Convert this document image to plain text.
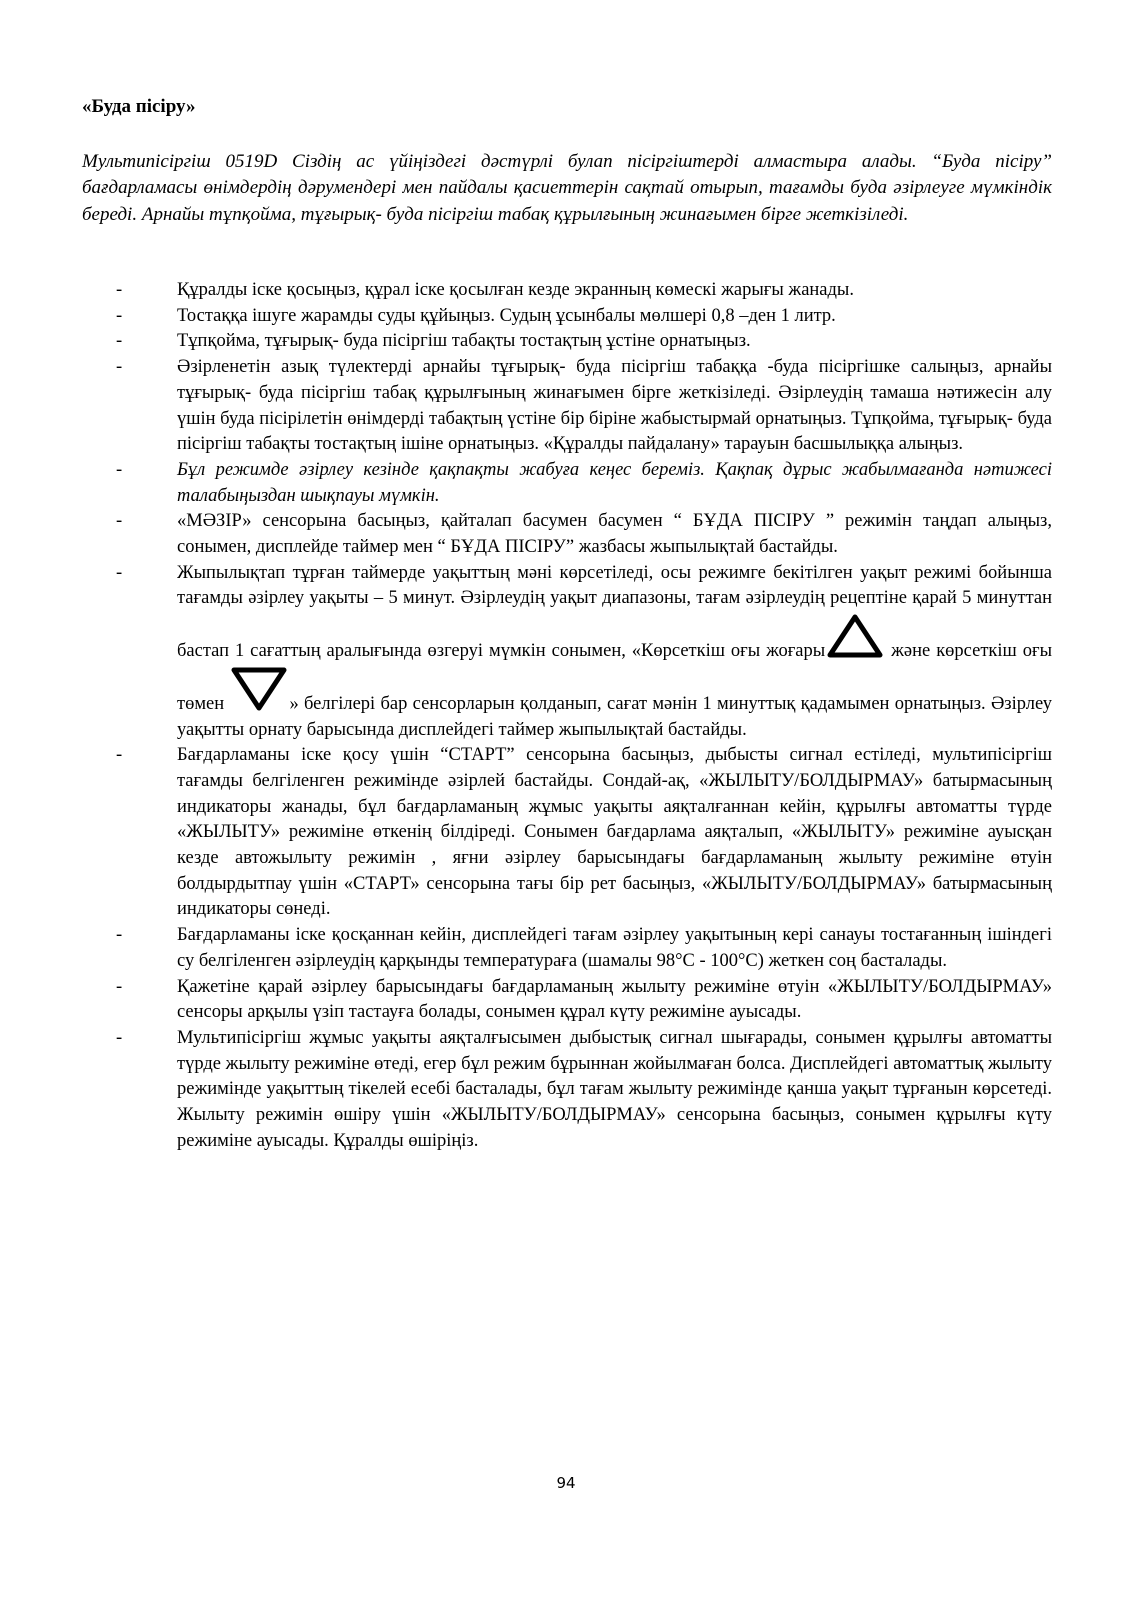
«Буда пісіру»

Мультипісіргіш 0519D Сіздің ас үйіңіздегі дәстүрлі булап пісіргіштерді алмастыра алады. “Буда пісіру” бағдарламасы өнімдердің дәрумендері мен пайдалы қасиеттерін сақтай отырып, тағамды буда әзірлеуге мүмкіндік береді. Арнайы тұпқойма, тұғырық- буда пісіргіш табақ құрылғының жинағымен бірге жеткізіледі.

-	Құралды іске қосыңыз, құрал іске қосылған кезде экранның көмескі жарығы жанады.
-	Тостаққа ішуге жарамды суды құйыңыз. Судың ұсынбалы мөлшері 0,8 –ден 1 литр.
-	Тұпқойма, тұғырық- буда пісіргіш табақты тостақтың ұстіне орнатыңыз.
-	Әзірленетін азық түлектерді арнайы тұғырық- буда пісіргіш табаққа -буда пісіргішке салыңыз, арнайы тұғырық- буда пісіргіш табақ құрылғының жинағымен бірге жеткізіледі. Әзірлеудің тамаша нәтижесін алу үшін буда пісірілетін өнімдерді табақтың үстіне бір біріне жабыстырмай орнатыңыз. Тұпқойма, тұғырық- буда пісіргіш табақты тостақтың ішіне орнатыңыз. «Құралды пайдалану» тарауын басшылыққа алыңыз.
-	Бұл режимде әзірлеу кезінде қақпақты жабуға кеңес береміз. Қақпақ дұрыс жабылмағанда нәтижесі талабыңыздан шықпауы мүмкін.
-	«МӘЗІР» сенсорына басыңыз, қайталап басумен басумен “ БҰДА ПІСІРУ ” режимін таңдап алыңыз, сонымен, дисплейде таймер мен “ БҰДА ПІСІРУ” жазбасы жыпылықтай бастайды.
-	Жыпылықтап тұрған таймерде уақыттың мәні көрсетіледі, осы режимге бекітілген уақыт режимі бойынша тағамды әзірлеу уақыты – 5 минут. Әзірлеудің уақыт диапазоны, тағам әзірлеудің рецептіне қарай 5 минуттан бастап 1 сағаттың аралығында өзгеруі мүмкін сонымен, «Көрсеткіш оғы жоғары	және көрсеткіш оғы төмен	» белгілері бар сенсорларын қолданып, сағат мәнін 1 минуттық қадамымен орнатыңыз. Әзірлеу уақытты орнату барысында дисплейдегі таймер жыпылықтай бастайды.
-	Бағдарламаны іске қосу үшін “СТАРТ” сенсорына басыңыз, дыбысты сигнал естіледі, мультипісіргіш тағамды белгіленген режимінде әзірлей бастайды. Сондай-ақ, «ЖЫЛЫТУ/БОЛДЫРМАУ» батырмасының индикаторы жанады, бұл бағдарламаның жұмыс уақыты аяқталғаннан кейін, құрылғы автоматты түрде «ЖЫЛЫТУ» режиміне өткенің білдіреді. Сонымен бағдарлама аяқталып, «ЖЫЛЫТУ» режиміне ауысқан кезде автожылыту режимін , яғни әзірлеу барысындағы бағдарламаның жылыту режиміне өтуін болдырдытпау үшін «СТАРТ» сенсорына тағы бір рет басыңыз, «ЖЫЛЫТУ/БОЛДЫРМАУ» батырмасының индикаторы сөнеді.
-	Бағдарламаны іске қосқаннан кейін, дисплейдегі тағам әзірлеу уақытының кері санауы тостағанның ішіндегі су белгіленген әзірлеудің қарқынды температураға (шамалы 98°С - 100°С) жеткен соң басталады.
-	Қажетіне қарай әзірлеу барысындағы бағдарламаның жылыту режиміне өтуін «ЖЫЛЫТУ/БОЛДЫРМАУ» сенсоры арқылы үзіп тастауға болады, сонымен құрал күту режиміне ауысады.
-	Мультипісіргіш жұмыс уақыты аяқталғысымен дыбыстық сигнал шығарады, сонымен құрылғы автоматты түрде жылыту режиміне өтеді, егер бұл режим бұрыннан жойылмаған болса. Дисплейдегі автоматтық жылыту режимінде уақыттың тікелей есебі басталады, бұл тағам жылыту режимінде қанша уақыт тұрғанын көрсетеді. Жылыту режимін өшіру үшін «ЖЫЛЫТУ/БОЛДЫРМАУ» сенсорына басыңыз, сонымен құрылғы күту режиміне ауысады. Құралды өшіріңіз.
94
